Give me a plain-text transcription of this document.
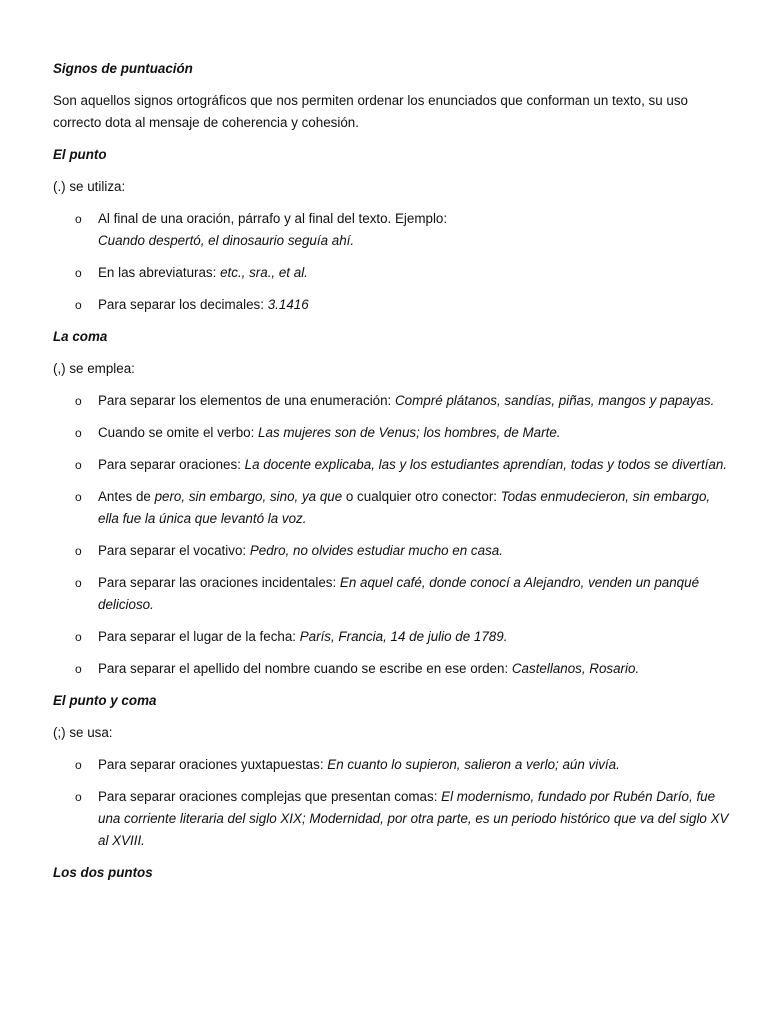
Signos de puntuación
Son aquellos signos ortográficos que nos permiten ordenar los enunciados que conforman un texto, su uso correcto dota al mensaje de coherencia y cohesión.
El punto
(.) se utiliza:
o Al final de una oración, párrafo y al final del texto. Ejemplo:
Cuando despertó, el dinosaurio seguía ahí.
o En las abreviaturas: etc., sra., et al.
o Para separar los decimales: 3.1416
La coma
(,) se emplea:
o Para separar los elementos de una enumeración: Compré plátanos, sandías, piñas, mangos y papayas.
o Cuando se omite el verbo: Las mujeres son de Venus; los hombres, de Marte.
o Para separar oraciones: La docente explicaba, las y los estudiantes aprendían, todas y todos se divertían.
o Antes de pero, sin embargo, sino, ya que o cualquier otro conector: Todas enmudecieron, sin embargo, ella fue la única que levantó la voz.
o Para separar el vocativo: Pedro, no olvides estudiar mucho en casa.
o Para separar las oraciones incidentales: En aquel café, donde conocí a Alejandro, venden un panqué delicioso.
o Para separar el lugar de la fecha: París, Francia, 14 de julio de 1789.
o Para separar el apellido del nombre cuando se escribe en ese orden: Castellanos, Rosario.
El punto y coma
(;) se usa:
o Para separar oraciones yuxtapuestas: En cuanto lo supieron, salieron a verlo; aún vivía.
o Para separar oraciones complejas que presentan comas: El modernismo, fundado por Rubén Darío, fue una corriente literaria del siglo XIX; Modernidad, por otra parte, es un periodo histórico que va del siglo XV al XVIII.
Los dos puntos
